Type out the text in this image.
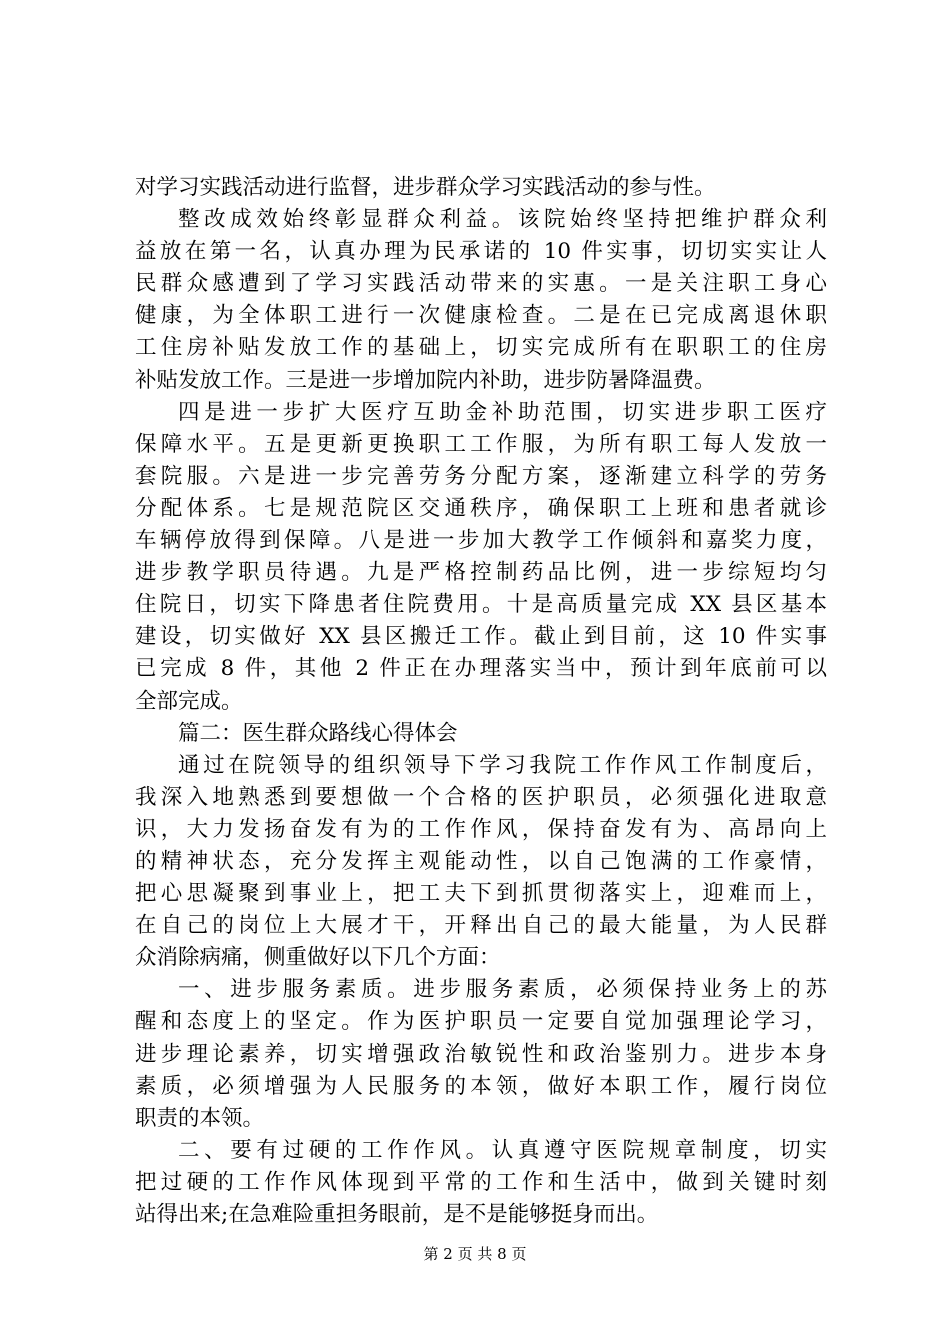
对学习实践活动进行监督，进步群众学习实践活动的参与性。
整改成效始终彰显群众利益。该院始终坚持把维护群众利
益放在第一名，认真办理为民承诺的 10 件实事，切切实实让人
民群众感遭到了学习实践活动带来的实惠。一是关注职工身心
健康，为全体职工进行一次健康检查。二是在已完成离退休职
工住房补贴发放工作的基础上，切实完成所有在职职工的住房
补贴发放工作。三是进一步增加院内补助，进步防暑降温费。
四是进一步扩大医疗互助金补助范围，切实进步职工医疗
保障水平。五是更新更换职工工作服，为所有职工每人发放一
套院服。六是进一步完善劳务分配方案，逐渐建立科学的劳务
分配体系。七是规范院区交通秩序，确保职工上班和患者就诊
车辆停放得到保障。八是进一步加大教学工作倾斜和嘉奖力度，
进步教学职员待遇。九是严格控制药品比例，进一步综短均匀
住院日，切实下降患者住院费用。十是高质量完成 XX 县区基本
建设，切实做好 XX 县区搬迁工作。截止到目前，这 10 件实事
已完成 8 件，其他 2 件正在办理落实当中，预计到年底前可以
全部完成。
篇二：医生群众路线心得体会
通过在院领导的组织领导下学习我院工作作风工作制度后，
我深入地熟悉到要想做一个合格的医护职员，必须强化进取意
识，大力发扬奋发有为的工作作风，保持奋发有为、高昂向上
的精神状态，充分发挥主观能动性，以自己饱满的工作豪情，
把心思凝聚到事业上，把工夫下到抓贯彻落实上，迎难而上，
在自己的岗位上大展才干，开释出自己的最大能量，为人民群
众消除病痛，侧重做好以下几个方面：
一、进步服务素质。进步服务素质，必须保持业务上的苏
醒和态度上的坚定。作为医护职员一定要自觉加强理论学习，
进步理论素养，切实增强政治敏锐性和政治鉴别力。进步本身
素质，必须增强为人民服务的本领，做好本职工作，履行岗位
职责的本领。
二、要有过硬的工作作风。认真遵守医院规章制度，切实
把过硬的工作作风体现到平常的工作和生活中，做到关键时刻
站得出来;在急难险重担务眼前，是不是能够挺身而出。
第 2 页 共 8 页
